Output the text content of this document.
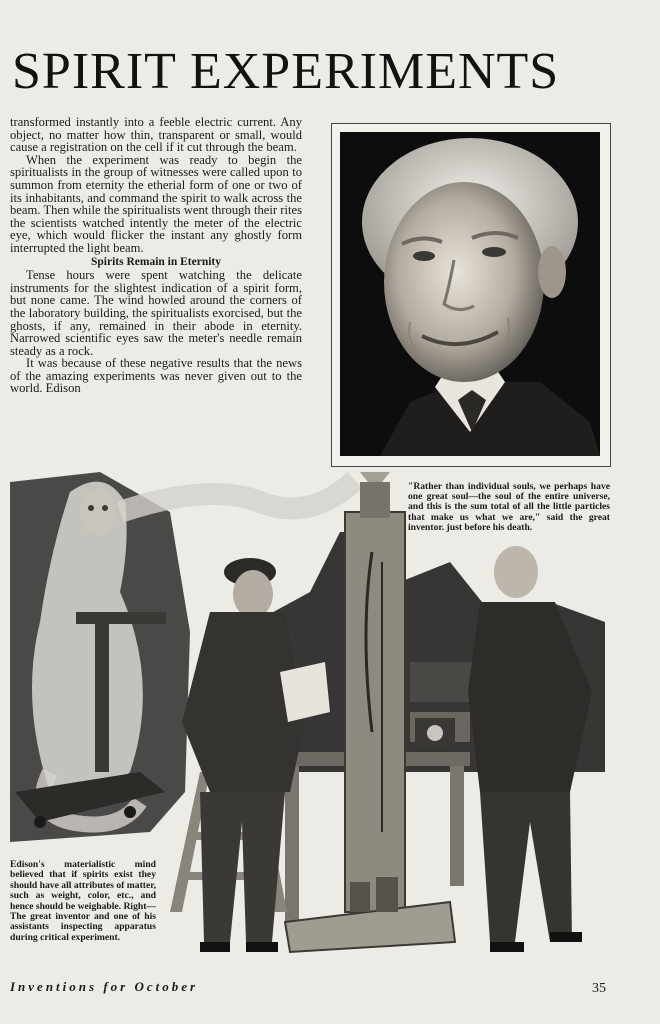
SPIRIT EXPERIMENTS

transformed instantly into a feeble electric current. Any object, no matter how thin, transparent or small, would cause a registration on the cell if it cut through the beam.

When the experiment was ready to begin the spiritualists in the group of witnesses were called upon to summon from eternity the etherial form of one or two of its inhabitants, and command the spirit to walk across the beam. Then while the spiritualists went through their rites the scientists watched intently the meter of the electric eye, which would flicker the instant any ghostly form interrupted the light beam.

Spirits Remain in Eternity

Tense hours were spent watching the delicate instruments for the slightest indication of a spirit form, but none came. The wind howled around the corners of the laboratory building, the spiritualists exorcised, but the ghosts, if any, remained in their abode in eternity. Narrowed scientific eyes saw the meter's needle remain steady as a rock.

It was because of these negative results that the news of the amazing experiments was never given out to the world. Edison

"Rather than individual souls, we perhaps have one great soul—the soul of the entire universe, and this is the sum total of all the little particles that make us what we are," said the great inventor. just before his death.
Edison's materialistic mind believed that if spirits exist they should have all attributes of matter, such as weight, color, etc., and hence should be weighable. Right—The great inventor and one of his assistants inspecting apparatus during critical experiment.
Inventions for October	35
